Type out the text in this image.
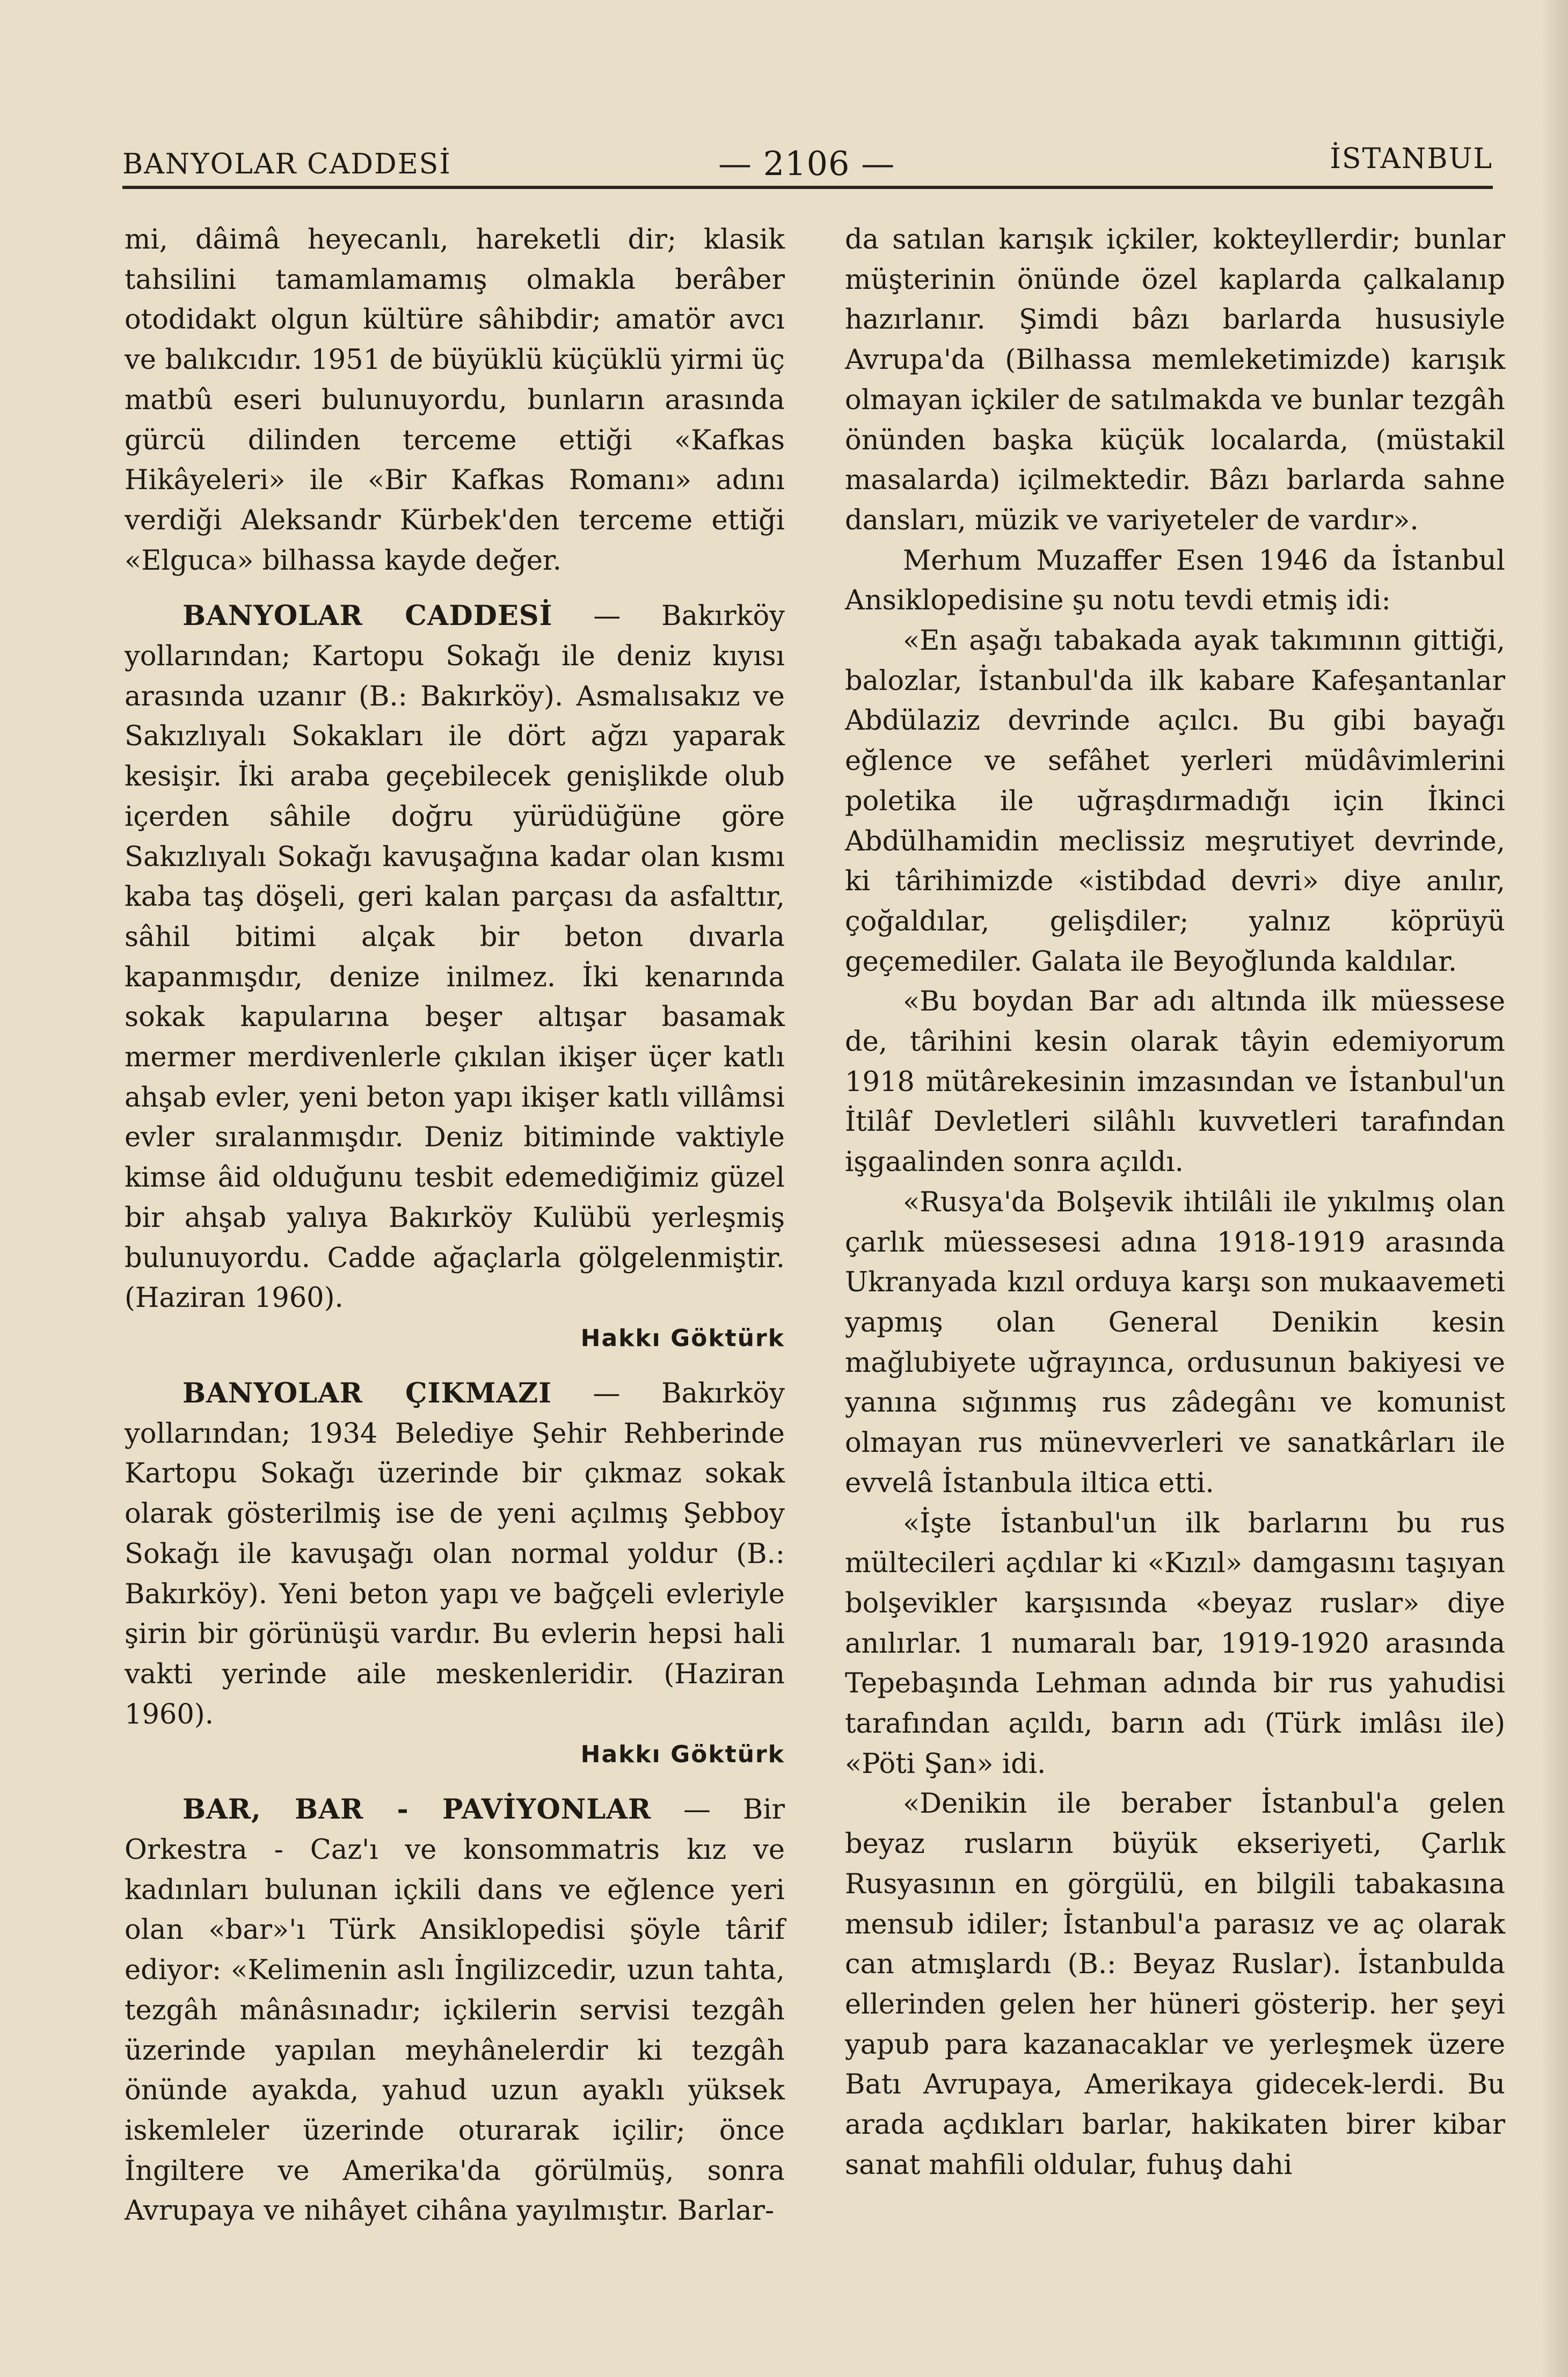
BANYOLAR CADDESİ	— 2106 —	İSTANBUL

mi, dâimâ heyecanlı, hareketli dir; klasik tahsilini tamamlamamış olmakla berâber otodidakt olgun kültüre sâhibdir; amatör avcı ve balıkcıdır. 1951 de büyüklü küçüklü yirmi üç matbû eseri bulunuyordu, bunların arasında gürcü dilinden terceme ettiği «Kafkas Hikâyeleri» ile «Bir Kafkas Romanı» adını verdiği Aleksandr Kürbek'den terceme ettiği «Elguca» bilhassa kayde değer.

BANYOLAR CADDESİ — Bakırköy yollarından; Kartopu Sokağı ile deniz kıyısı arasında uzanır (B.: Bakırköy). Asmalısakız ve Sakızlıyalı Sokakları ile dört ağzı yaparak kesişir. İki araba geçebilecek genişlikde olub içerden sâhile doğru yürüdüğüne göre Sakızlıyalı Sokağı kavuşağına kadar olan kısmı kaba taş döşeli, geri kalan parçası da asfalttır, sâhil bitimi alçak bir beton dıvarla kapanmışdır, denize inilmez. İki kenarında sokak kapularına beşer altışar basamak mermer merdivenlerle çıkılan ikişer üçer katlı ahşab evler, yeni beton yapı ikişer katlı villâmsi evler sıralanmışdır. Deniz bitiminde vaktiyle kimse âid olduğunu tesbit edemediğimiz güzel bir ahşab yalıya Bakırköy Kulübü yerleşmiş bulunuyordu. Cadde ağaçlarla gölgelenmiştir. (Haziran 1960).

Hakkı Göktürk

BANYOLAR ÇIKMAZI — Bakırköy yollarından; 1934 Belediye Şehir Rehberinde Kartopu Sokağı üzerinde bir çıkmaz sokak olarak gösterilmiş ise de yeni açılmış Şebboy Sokağı ile kavuşağı olan normal yoldur (B.: Bakırköy). Yeni beton yapı ve bağçeli evleriyle şirin bir görünüşü vardır. Bu evlerin hepsi hali vakti yerinde aile meskenleridir. (Haziran 1960).

Hakkı Göktürk

BAR, BAR - PAVİYONLAR — Bir Orkestra - Caz'ı ve konsommatris kız ve kadınları bulunan içkili dans ve eğlence yeri olan «bar»'ı Türk Ansiklopedisi şöyle târif ediyor: «Kelimenin aslı İngilizcedir, uzun tahta, tezgâh mânâsınadır; içkilerin servisi tezgâh üzerinde yapılan meyhânelerdir ki tezgâh önünde ayakda, yahud uzun ayaklı yüksek iskemleler üzerinde oturarak içilir; önce İngiltere ve Amerika'da görülmüş, sonra Avrupaya ve nihâyet cihâna yayılmıştır. Barlar-

da satılan karışık içkiler, kokteyllerdir; bunlar müşterinin önünde özel kaplarda çalkalanıp hazırlanır. Şimdi bâzı barlarda hususiyle Avrupa'da (Bilhassa memleketimizde) karışık olmayan içkiler de satılmakda ve bunlar tezgâh önünden başka küçük localarda, (müstakil masalarda) içilmektedir. Bâzı barlarda sahne dansları, müzik ve variyeteler de vardır».

Merhum Muzaffer Esen 1946 da İstanbul Ansiklopedisine şu notu tevdi etmiş idi:

«En aşağı tabakada ayak takımının gittiği, balozlar, İstanbul'da ilk kabare Kafeşantanlar Abdülaziz devrinde açılcı. Bu gibi bayağı eğlence ve sefâhet yerleri müdâvimlerini poletika ile uğraşdırmadığı için İkinci Abdülhamidin meclissiz meşrutiyet devrinde, ki târihimizde «istibdad devri» diye anılır, çoğaldılar, gelişdiler; yalnız köprüyü geçemediler. Galata ile Beyoğlunda kaldılar.

«Bu boydan Bar adı altında ilk müessese de, târihini kesin olarak tâyin edemiyorum 1918 mütârekesinin imzasından ve İstanbul'un İtilâf Devletleri silâhlı kuvvetleri tarafından işgaalinden sonra açıldı.

«Rusya'da Bolşevik ihtilâli ile yıkılmış olan çarlık müessesesi adına 1918-1919 arasında Ukranyada kızıl orduya karşı son mukaavemeti yapmış olan General Denikin kesin mağlubiyete uğrayınca, ordusunun bakiyesi ve yanına sığınmış rus zâdegânı ve komunist olmayan rus münevverleri ve sanatkârları ile evvelâ İstanbula iltica etti.

«İşte İstanbul'un ilk barlarını bu rus mültecileri açdılar ki «Kızıl» damgasını taşıyan bolşevikler karşısında «beyaz ruslar» diye anılırlar. 1 numaralı bar, 1919-1920 arasında Tepebaşında Lehman adında bir rus yahudisi tarafından açıldı, barın adı (Türk imlâsı ile) «Pöti Şan» idi.

«Denikin ile beraber İstanbul'a gelen beyaz rusların büyük ekseriyeti, Çarlık Rusyasının en görgülü, en bilgili tabakasına mensub idiler; İstanbul'a parasız ve aç olarak can atmışlardı (B.: Beyaz Ruslar). İstanbulda ellerinden gelen her hüneri gösterip. her şeyi yapub para kazanacaklar ve yerleşmek üzere Batı Avrupaya, Amerikaya gidecek-lerdi. Bu arada açdıkları barlar, hakikaten birer kibar sanat mahfili oldular, fuhuş dahi
